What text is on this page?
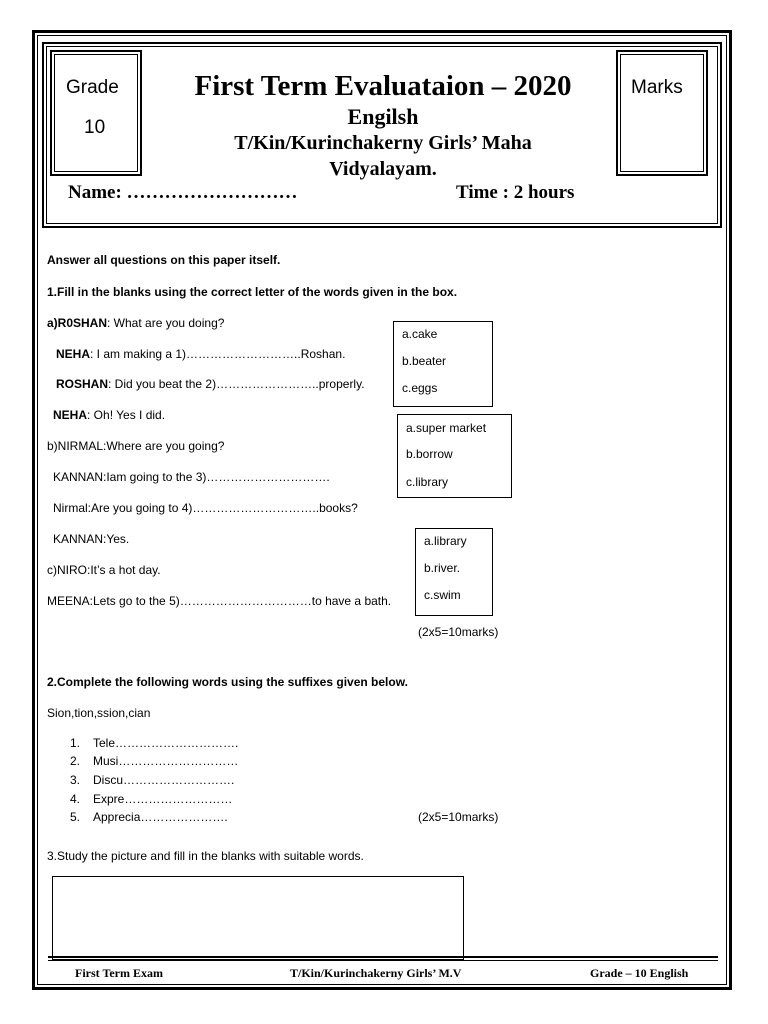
Grade
10
Marks
First Term Evaluataion – 2020
Engilsh
T/Kin/Kurinchakerny Girls’ Maha
Vidyalayam.
Name: ………………………	Time : 2 hours
Answer all questions on this paper itself.
1.Fill in the blanks using the correct letter of the words given in the box.
a)R0SHAN: What are you doing?
NEHA: I am making a 1)………………………..Roshan.
ROSHAN: Did you beat the 2)……………………..properly.
NEHA: Oh! Yes I did.
b)NIRMAL:Where are you going?
KANNAN:Iam going to the 3)………………………….
Nirmal:Are you going to 4)…………………………..books?
KANNAN:Yes.
c)NIRO:It’s a hot day.
MEENA:Lets go to the 5)……………………………to have a bath.
a.cake
b.beater
c.eggs
a.super market
b.borrow
c.library
a.library
b.river.
c.swim
(2x5=10marks)
2.Complete the following words using the suffixes given below.
Sion,tion,ssion,cian
1. Tele………………………….
2. Musi…………………………
3. Discu……………………….
4. Expre………………………
5. Apprecia………………….	(2x5=10marks)
3.Study the picture and fill in the blanks with suitable words.
First Term Exam	T/Kin/Kurinchakerny Girls’ M.V	Grade – 10 English
